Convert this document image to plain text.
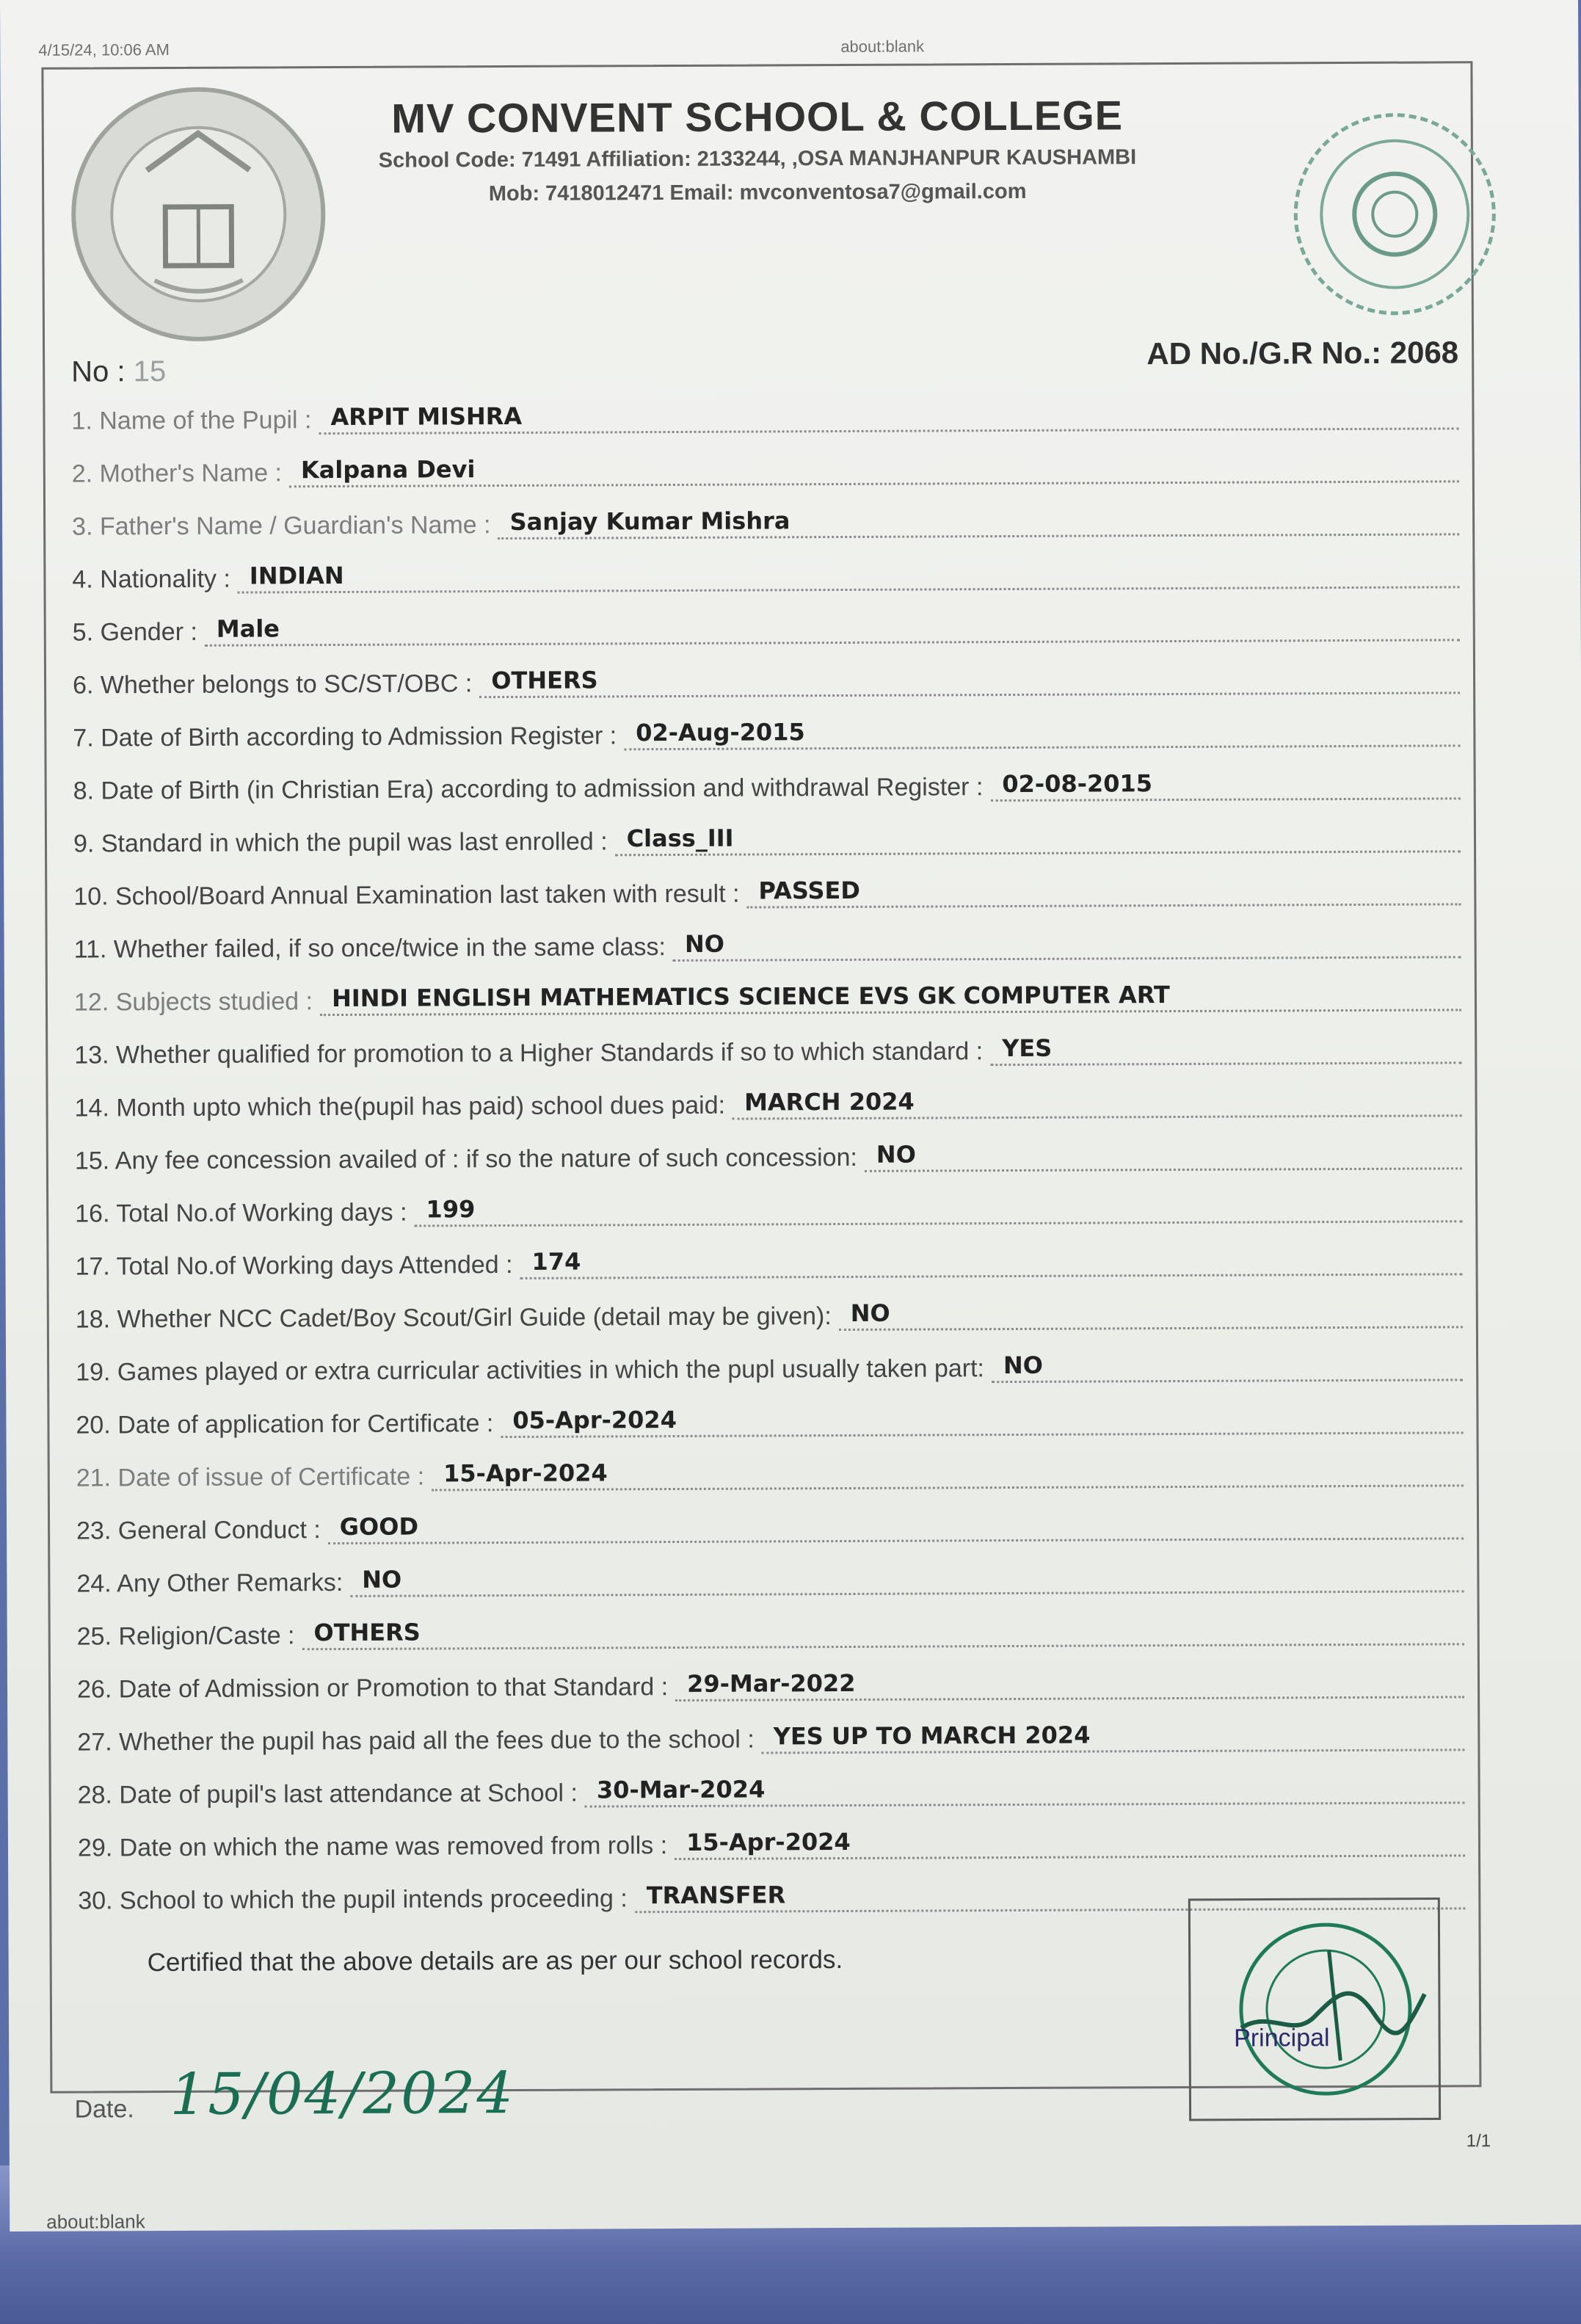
4/15/24, 10:06 AM	about:blank
MV CONVENT SCHOOL & COLLEGE
School Code: 71491 Affiliation: 2133244, ,OSA MANJHANPUR KAUSHAMBI
Mob: 7418012471 Email: mvconventosa7@gmail.com
No : 15
AD No./G.R No.: 2068
1. Name of the Pupil : ARPIT MISHRA
2. Mother's Name : Kalpana Devi
3. Father's Name / Guardian's Name : Sanjay Kumar Mishra
4. Nationality : INDIAN
5. Gender : Male
6. Whether belongs to SC/ST/OBC : OTHERS
7. Date of Birth according to Admission Register : 02-Aug-2015
8. Date of Birth (in Christian Era) according to admission and withdrawal Register : 02-08-2015
9. Standard in which the pupil was last enrolled : Class_III
10. School/Board Annual Examination last taken with result : PASSED
11. Whether failed, if so once/twice in the same class: NO
12. Subjects studied : HINDI ENGLISH MATHEMATICS SCIENCE EVS GK COMPUTER ART
13. Whether qualified for promotion to a Higher Standards if so to which standard : YES
14. Month upto which the(pupil has paid) school dues paid: MARCH 2024
15. Any fee concession availed of : if so the nature of such concession: NO
16. Total No.of Working days : 199
17. Total No.of Working days Attended : 174
18. Whether NCC Cadet/Boy Scout/Girl Guide (detail may be given): NO
19. Games played or extra curricular activities in which the pupl usually taken part: NO
20. Date of application for Certificate : 05-Apr-2024
21. Date of issue of Certificate : 15-Apr-2024
23. General Conduct : GOOD
24. Any Other Remarks: NO
25. Religion/Caste : OTHERS
26. Date of Admission or Promotion to that Standard : 29-Mar-2022
27. Whether the pupil has paid all the fees due to the school : YES UP TO MARCH 2024
28. Date of pupil's last attendance at School : 30-Mar-2024
29. Date on which the name was removed from rolls : 15-Apr-2024
30. School to which the pupil intends proceeding : TRANSFER
Certified that the above details are as per our school records.
Principal
Date. 15/04/2024
1/1
about:blank
